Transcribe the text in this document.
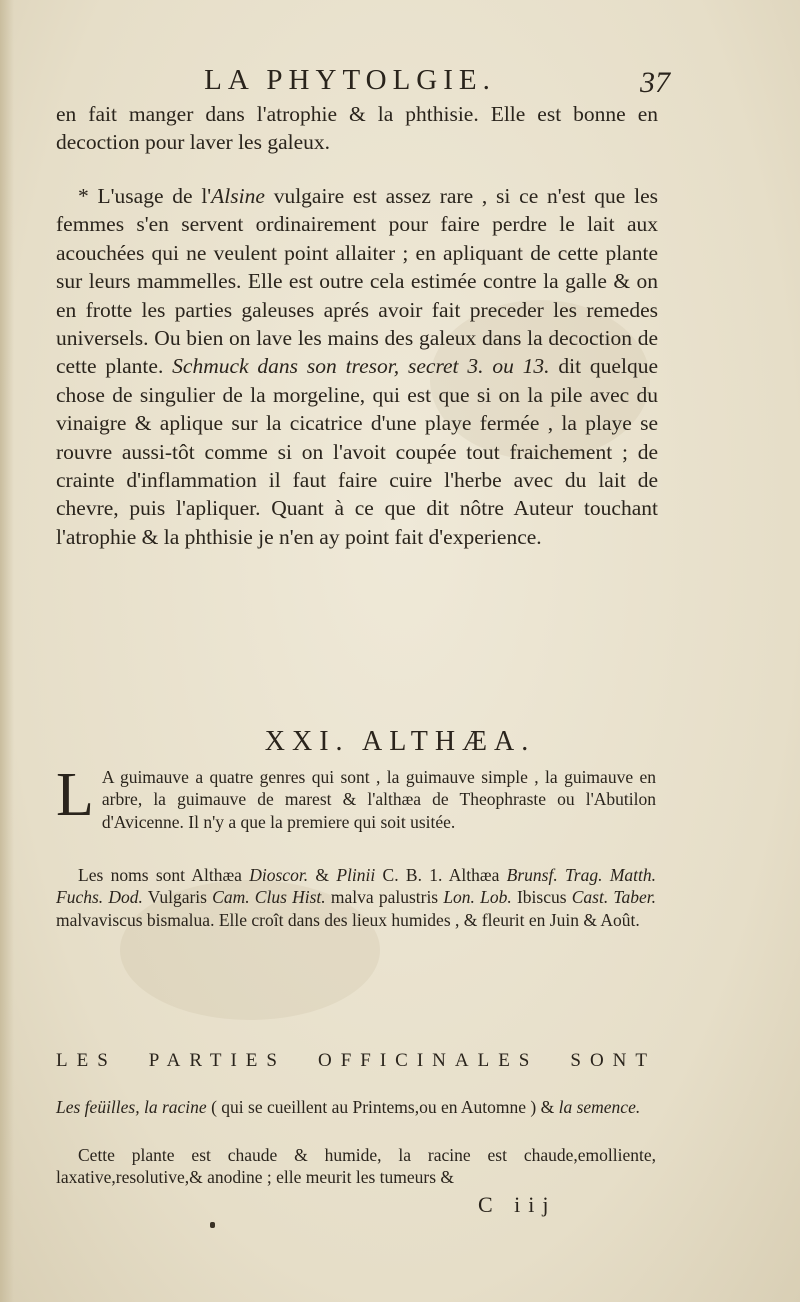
LA PHYTOLGIE.	37
en fait manger dans l'atrophie & la phthisie. Elle est bonne en decoction pour laver les galeux.
* L'usage de l'Alsine vulgaire est assez rare , si ce n'est que les femmes s'en servent ordinairement pour faire perdre le lait aux acouchées qui ne veulent point allaiter ; en apliquant de cette plante sur leurs mammelles. Elle est outre cela estimée contre la galle & on en frotte les parties galeuses aprés avoir fait preceder les remedes universels. Ou bien on lave les mains des galeux dans la decoction de cette plante. Schmuck dans son tresor, secret 3. ou 13. dit quelque chose de singulier de la morgeline, qui est que si on la pile avec du vinaigre & aplique sur la cicatrice d'une playe fermée , la playe se rouvre aussi-tôt comme si on l'avoit coupée tout fraichement ; de crainte d'inflammation il faut faire cuire l'herbe avec du lait de chevre, puis l'apliquer. Quant à ce que dit nôtre Auteur touchant l'atrophie & la phthisie je n'en ay point fait d'experience.
XXI. ALTHÆA.
L A guimauve a quatre genres qui sont , la guimauve simple , la guimauve en arbre, la guimauve de marest & l'althæa de Theophraste ou l'Abutilon d'Avicenne. Il n'y a que la premiere qui soit usitée.
Les noms sont Althæa Dioscor. & Plinii C. B. 1. Althæa Brunsf. Trag. Matth. Fuchs. Dod. Vulgaris Cam. Clus Hist. malva palustris Lon. Lob. Ibiscus Cast. Taber. malvaviscus bismalua. Elle croît dans des lieux humides , & fleurit en Juin & Août.
LES PARTIES OFFICINALES SONT
Les feüilles, la racine ( qui se cueillent au Printems,ou en Automne ) & la semence.
Cette plante est chaude & humide, la racine est chaude,emolliente, laxative,resolutive,& anodine ; elle meurit les tumeurs &
C iij
